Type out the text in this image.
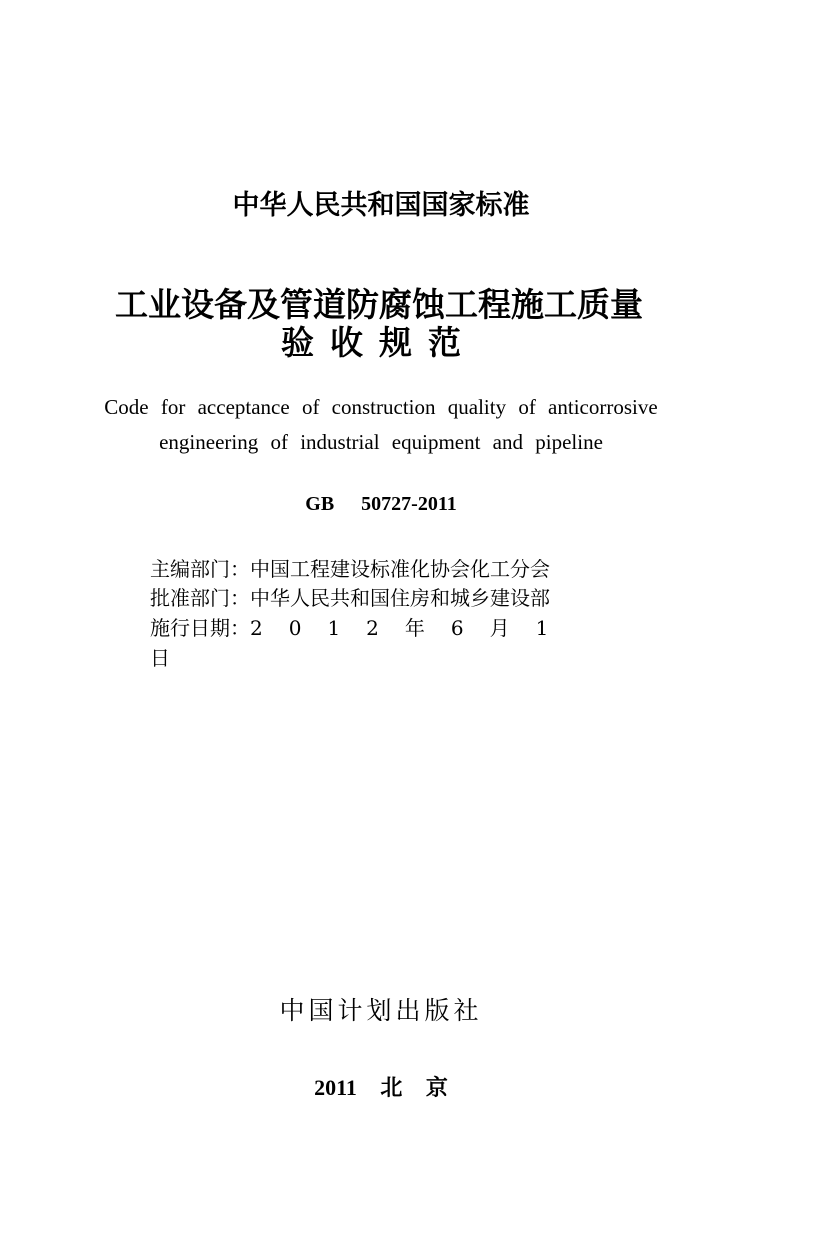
中华人民共和国国家标准
工业设备及管道防腐蚀工程施工质量
验收规范
Code for acceptance of construction quality of anticorrosive
engineering of industrial equipment and pipeline
GB 50727-2011
主编部门：中国工程建设标准化协会化工分会
批准部门：中华人民共和国住房和城乡建设部
施行日期：2012年6月1日
中国计划出版社
2011 北 京
